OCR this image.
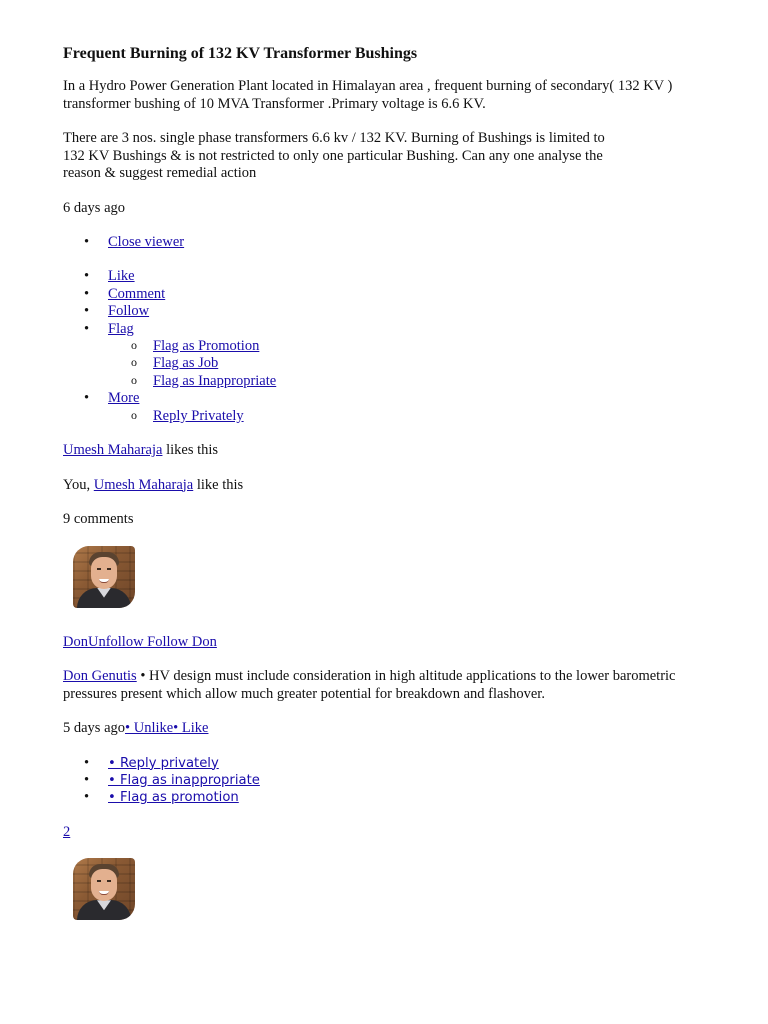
Frequent Burning of 132 KV Transformer Bushings

In a Hydro Power Generation Plant located in Himalayan area , frequent burning of secondary( 132 KV ) transformer bushing of 10 MVA Transformer .Primary voltage is 6.6 KV.

There are 3 nos. single phase transformers 6.6 kv / 132 KV. Burning of Bushings is limited to 132 KV Bushings & is not restricted to only one particular Bushing. Can any one analyse the reason & suggest remedial action

6 days ago

• Close viewer
• Like
• Comment
• Follow
• Flag
o Flag as Promotion
o Flag as Job
o Flag as Inappropriate
• More
o Reply Privately

Umesh Maharaja likes this

You, Umesh Maharaja like this

9 comments

DonUnfollow Follow Don

Don Genutis • HV design must include consideration in high altitude applications to the lower barometric pressures present which allow much greater potential for breakdown and flashover.

5 days ago• Unlike• Like

• • Reply privately
• • Flag as inappropriate
• • Flag as promotion

2
